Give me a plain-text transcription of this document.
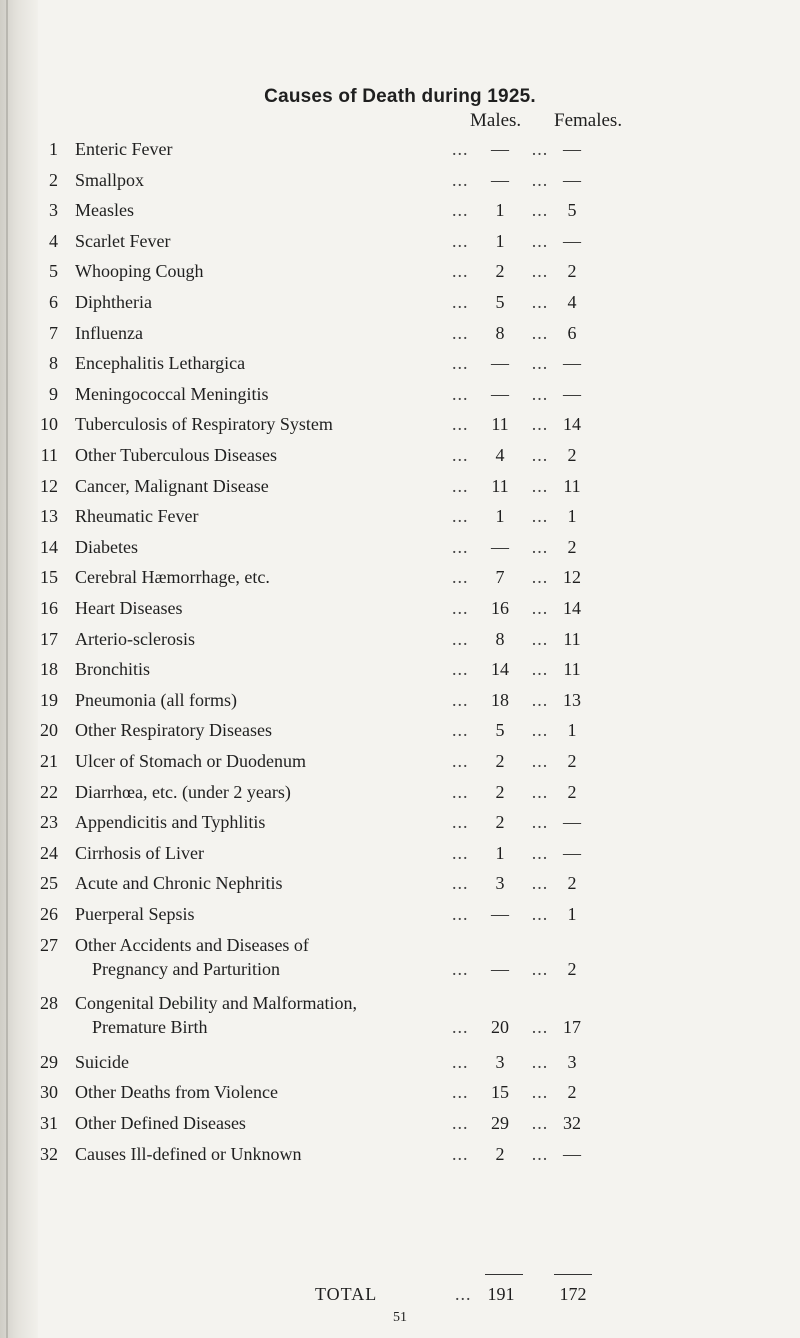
Causes of Death during 1925.
Males. Females.
1 Enteric Fever	...	—	... —
2 Smallpox	...	—	... —
3 Measles	...	1	...	5
4 Scarlet Fever	...	1	... —
5 Whooping Cough	...	2	...	2
6 Diphtheria	...	5	...	4
7 Influenza	...	8	...	6
8 Encephalitis Lethargica	...	—	... —
9 Meningococcal Meningitis	...	—	... —
10 Tuberculosis of Respiratory System	...	11	... 14
11 Other Tuberculous Diseases	...	4	...	2
12 Cancer, Malignant Disease	...	11	... 11
13 Rheumatic Fever	...	1	...	1
14 Diabetes	...	—	...	2
15 Cerebral Hæmorrhage, etc.	...	7	... 12
16 Heart Diseases	...	16	... 14
17 Arterio-sclerosis	...	8	... 11
18 Bronchitis	...	14	... 11
19 Pneumonia (all forms)	...	18	... 13
20 Other Respiratory Diseases	...	5	...	1
21 Ulcer of Stomach or Duodenum	...	2	...	2
22 Diarrhœa, etc. (under 2 years)	...	2	...	2
23 Appendicitis and Typhlitis	...	2	... —
24 Cirrhosis of Liver	...	1	... —
25 Acute and Chronic Nephritis	...	3	...	2
26 Puerperal Sepsis	...	—	...	1
27 Other Accidents and Diseases of
Pregnancy and Parturition	...	—	...	2
28 Congenital Debility and Malformation,
Premature Birth	...	20	... 17
29 Suicide	...	3	...	3
30 Other Deaths from Violence	...	15	...	2
31 Other Defined Diseases	...	29	... 32
32 Causes Ill-defined or Unknown	...	2	... —
TOTAL	... 191	172
51
